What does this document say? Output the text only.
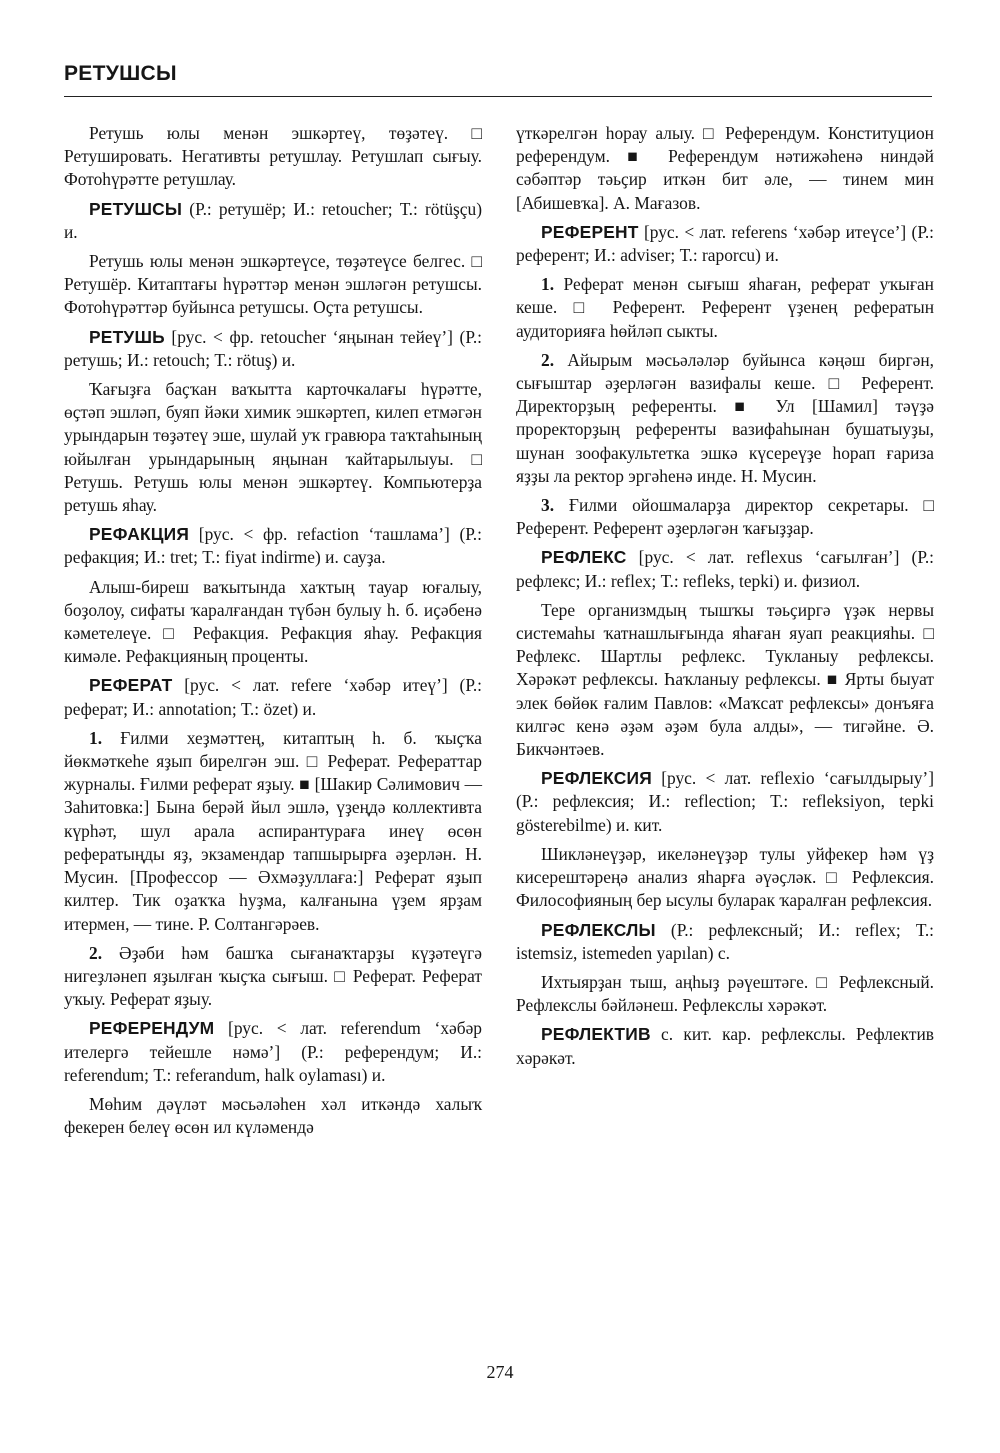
РЕТУШСЫ

Ретушь юлы менән эшкәртеү, төҙәтеү. □ Ретушировать. Негативты ретушлау. Ретушлап сығыу. Фотоһүрәтте ретушлау.

РЕТУШСЫ (Р.: ретушёр; И.: retoucher; Т.: rötüşçu) и.

Ретушь юлы менән эшкәртеүсе, төҙәтеүсе белгес. □ Ретушёр. Китаптағы һүрәттәр менән эшләгән ретушсы. Фотоһүрәттәр буйынса ретушсы. Оҫта ретушсы.

РЕТУШЬ [рус. < фр. retoucher ‘яңынан тейеү’] (Р.: ретушь; И.: retouch; Т.: rötuş) и.

Ҡағыҙға баҫҡан ваҡытта карточкалағы һүрәтте, өҫтәп эшләп, буяп йәки химик эшкәртеп, килеп етмәгән урындарын төҙәтеү эше, шулай уҡ гравюра таҡтаһының юйылған урындарының яңынан ҡайтарылыуы. □ Ретушь. Ретушь юлы менән эшкәртеү. Компьютерҙа ретушь яһау.

РЕФАКЦИЯ [рус. < фр. refaction ‘ташлама’] (Р.: рефакция; И.: tret; Т.: fiyat indirme) и. сауҙа.

Алыш-биреш ваҡытында хаҡтың тауар юғалыу, боҙолоу, сифаты ҡаралғандан түбән булыу һ. б. иҫәбенә кәметелеүе. □ Рефакция. Рефакция яһау. Рефакция кимәле. Рефакцияның проценты.

РЕФЕРАТ [рус. < лат. refere ‘хәбәр итеү’] (Р.: реферат; И.: annotation; Т.: özet) и.

1. Ғилми хеҙмәттең, китаптың һ. б. ҡыҫҡа йөкмәткеһе яҙып бирелгән эш. □ Реферат. Рефераттар журналы. Ғилми реферат яҙыу. ■ [Шакир Сәлимович — Заһитовка:] Бына берәй йыл эшлә, үҙеңдә коллективта күрһәт, шул арала аспирантураға инеү өсөн рефератыңды яҙ, экзамендар тапшырырға әҙерлән. Н. Мусин. [Профессор — Әхмәҙуллаға:] Реферат яҙып килтер. Тик оҙаҡҡа һуҙма, калғанына үҙем ярҙам итермен, — тине. Р. Солтангәрәев.

2. Әҙәби һәм башҡа сығанаҡтарҙы күҙәтеүгә нигеҙләнеп яҙылған ҡыҫҡа сығыш. □ Реферат. Реферат уҡыу. Реферат яҙыу.

РЕФЕРЕНДУМ [рус. < лат. referendum ‘хәбәр ителергә тейешле нәмә’] (Р.: референдум; И.: referendum; Т.: referandum, halk oylaması) и.

Мөһим дәүләт мәсьәләһен хәл иткәндә халыҡ фекерен белеү өсөн ил күләмендә

үткәрелгән һорау алыу. □ Референдум. Конституцион референдум. ■ Референдум нәтижәһенә ниндәй сәбәптәр тәьҫир иткән бит әле, — тинем мин [Абишевҡа]. А. Мағазов.

РЕФЕРЕНТ [рус. < лат. referens ‘хәбәр итеүсе’] (Р.: референт; И.: adviser; Т.: raporcu) и.

1. Реферат менән сығыш яһаған, реферат уҡыған кеше. □ Референт. Референт үҙенең рефератын аудиторияға һөйләп сыкты.

2. Айырым мәсьәләләр буйынса кәңәш биргән, сығыштар әҙерләгән вазифалы кеше. □ Референт. Директорҙың референты. ■ Ул [Шамил] тәүҙә проректорҙың референты вазифаһынан бушатыуҙы, шунан зоофакультетка эшкә күсереүҙе һорап ғариза яҙҙы ла ректор эргәһенә инде. Н. Мусин.

3. Ғилми ойошмаларҙа директор секретары. □ Референт. Референт әҙерләгән ҡағыҙҙар.

РЕФЛЕКС [рус. < лат. reflexus ‘сағылған’] (Р.: рефлекс; И.: reflex; Т.: refleks, tepki) и. физиол.

Тере организмдың тышҡы тәьҫиргә үҙәк нервы системаһы ҡатнашлығында яһаған яуап реакцияһы. □ Рефлекс. Шартлы рефлекс. Тукланыу рефлексы. Хәрәкәт рефлексы. Һаҡланыу рефлексы. ■ Ярты быуат элек бөйөк ғалим Павлов: «Маҡсат рефлексы» донъяға килгәс кенә әҙәм әҙәм була алды», — тигәйне. Ә. Бикчәнтәев.

РЕФЛЕКСИЯ [рус. < лат. reflexio ‘сағылдырыу’] (Р.: рефлексия; И.: reflection; Т.: refleksiyon, tepki gösterebilme) и. кит.

Шикләнеүҙәр, икеләнеүҙәр тулы уйфекер һәм үҙ кисерештәреңә анализ яһарға әүәҫләк. □ Рефлексия. Философияның бер ысулы буларак ҡаралған рефлексия.

РЕФЛЕКСЛЫ (Р.: рефлексный; И.: reflex; Т.: istemsiz, istemeden yapılan) с.

Ихтыярҙан тыш, аңһыҙ рәүештәге. □ Рефлексный. Рефлекслы бәйләнеш. Рефлекслы хәрәкәт.

РЕФЛЕКТИВ с. кит. кар. рефлекслы. Рефлектив хәрәкәт.

274
